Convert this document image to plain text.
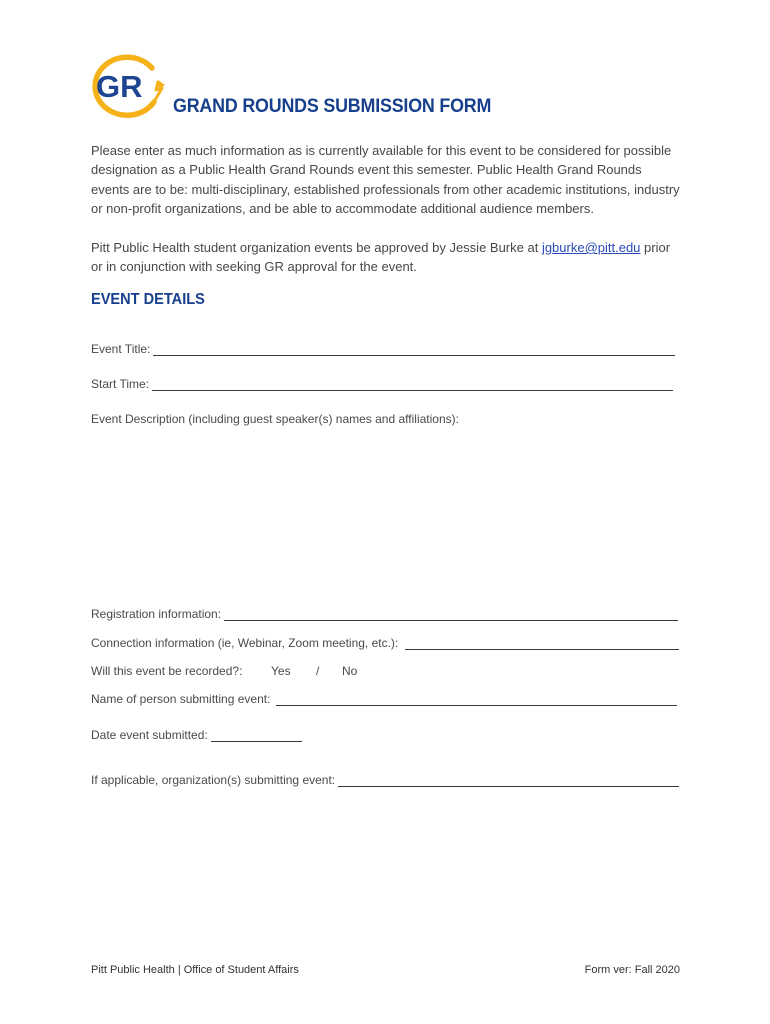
GR
GRAND ROUNDS SUBMISSION FORM

Please enter as much information as is currently available for this event to be considered for possible designation as a Public Health Grand Rounds event this semester. Public Health Grand Rounds events are to be: multi-disciplinary, established professionals from other academic institutions, industry or non-profit organizations, and be able to accommodate additional audience members.

Pitt Public Health student organization events be approved by Jessie Burke at jgburke@pitt.edu prior or in conjunction with seeking GR approval for the event.

EVENT DETAILS
Event Title:
Start Time:

Event Description (including guest speaker(s) names and affiliations):

Registration information:
Connection information (ie, Webinar, Zoom meeting, etc.):

Will this event be recorded?: Yes / No
Name of person submitting event:
Date event submitted:
If applicable, organization(s) submitting event:
Pitt Public Health | Office of Student Affairs	Form ver: Fall 2020
